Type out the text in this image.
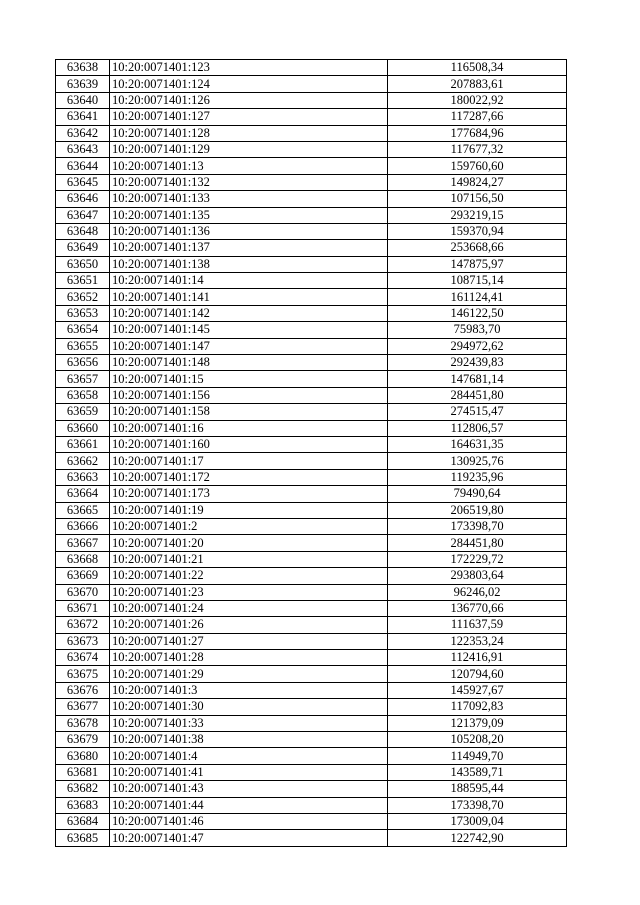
63638	10:20:0071401:123	116508,34
63639	10:20:0071401:124	207883,61
63640	10:20:0071401:126	180022,92
63641	10:20:0071401:127	117287,66
63642	10:20:0071401:128	177684,96
63643	10:20:0071401:129	117677,32
63644	10:20:0071401:13	159760,60
63645	10:20:0071401:132	149824,27
63646	10:20:0071401:133	107156,50
63647	10:20:0071401:135	293219,15
63648	10:20:0071401:136	159370,94
63649	10:20:0071401:137	253668,66
63650	10:20:0071401:138	147875,97
63651	10:20:0071401:14	108715,14
63652	10:20:0071401:141	161124,41
63653	10:20:0071401:142	146122,50
63654	10:20:0071401:145	75983,70
63655	10:20:0071401:147	294972,62
63656	10:20:0071401:148	292439,83
63657	10:20:0071401:15	147681,14
63658	10:20:0071401:156	284451,80
63659	10:20:0071401:158	274515,47
63660	10:20:0071401:16	112806,57
63661	10:20:0071401:160	164631,35
63662	10:20:0071401:17	130925,76
63663	10:20:0071401:172	119235,96
63664	10:20:0071401:173	79490,64
63665	10:20:0071401:19	206519,80
63666	10:20:0071401:2	173398,70
63667	10:20:0071401:20	284451,80
63668	10:20:0071401:21	172229,72
63669	10:20:0071401:22	293803,64
63670	10:20:0071401:23	96246,02
63671	10:20:0071401:24	136770,66
63672	10:20:0071401:26	111637,59
63673	10:20:0071401:27	122353,24
63674	10:20:0071401:28	112416,91
63675	10:20:0071401:29	120794,60
63676	10:20:0071401:3	145927,67
63677	10:20:0071401:30	117092,83
63678	10:20:0071401:33	121379,09
63679	10:20:0071401:38	105208,20
63680	10:20:0071401:4	114949,70
63681	10:20:0071401:41	143589,71
63682	10:20:0071401:43	188595,44
63683	10:20:0071401:44	173398,70
63684	10:20:0071401:46	173009,04
63685	10:20:0071401:47	122742,90
